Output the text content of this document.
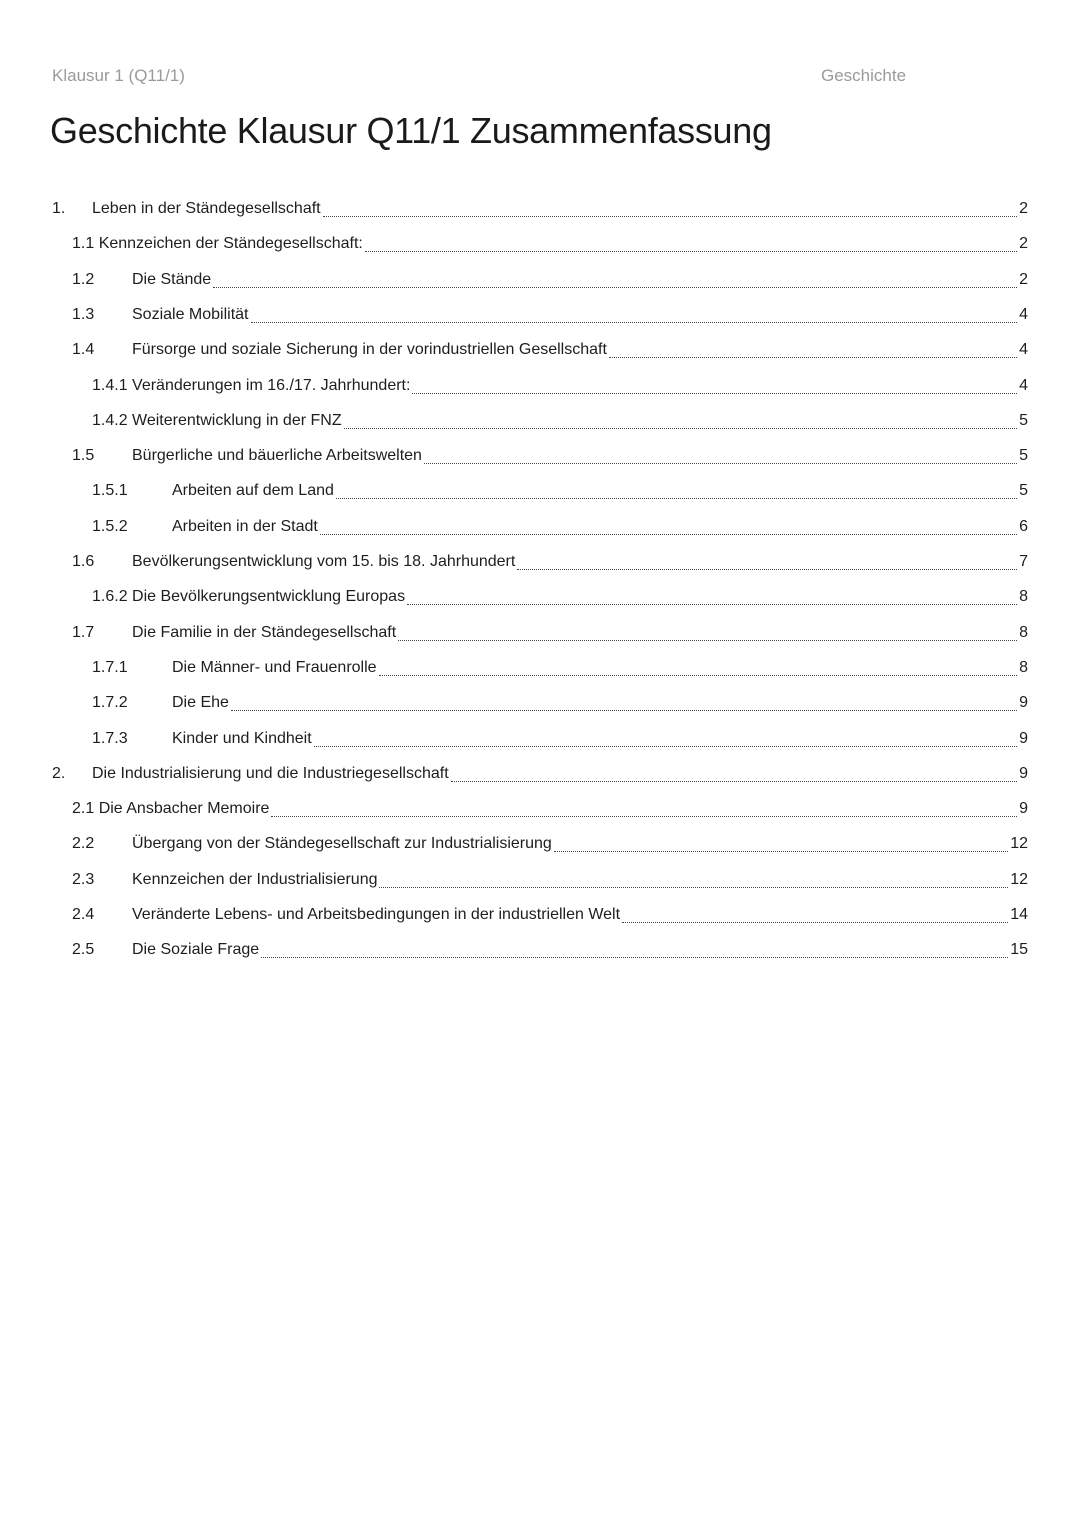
Klausur 1 (Q11/1)	Geschichte
Geschichte Klausur Q11/1 Zusammenfassung
1.	Leben in der Ständegesellschaft	2
1.1 Kennzeichen der Ständegesellschaft:	2
1.2	Die Stände	2
1.3	Soziale Mobilität	4
1.4	Fürsorge und soziale Sicherung in der vorindustriellen Gesellschaft	4
1.4.1 Veränderungen im 16./17. Jahrhundert:	4
1.4.2 Weiterentwicklung in der FNZ	5
1.5	Bürgerliche und bäuerliche Arbeitswelten	5
1.5.1	Arbeiten auf dem Land	5
1.5.2	Arbeiten in der Stadt	6
1.6	Bevölkerungsentwicklung vom 15. bis 18. Jahrhundert	7
1.6.2 Die Bevölkerungsentwicklung Europas	8
1.7	Die Familie in der Ständegesellschaft	8
1.7.1	Die Männer- und Frauenrolle	8
1.7.2	Die Ehe	9
1.7.3	Kinder und Kindheit	9
2.	Die Industrialisierung und die Industriegesellschaft	9
2.1 Die Ansbacher Memoire	9
2.2	Übergang von der Ständegesellschaft zur Industrialisierung	12
2.3	Kennzeichen der Industrialisierung	12
2.4	Veränderte Lebens- und Arbeitsbedingungen in der industriellen Welt	14
2.5	Die Soziale Frage	15
